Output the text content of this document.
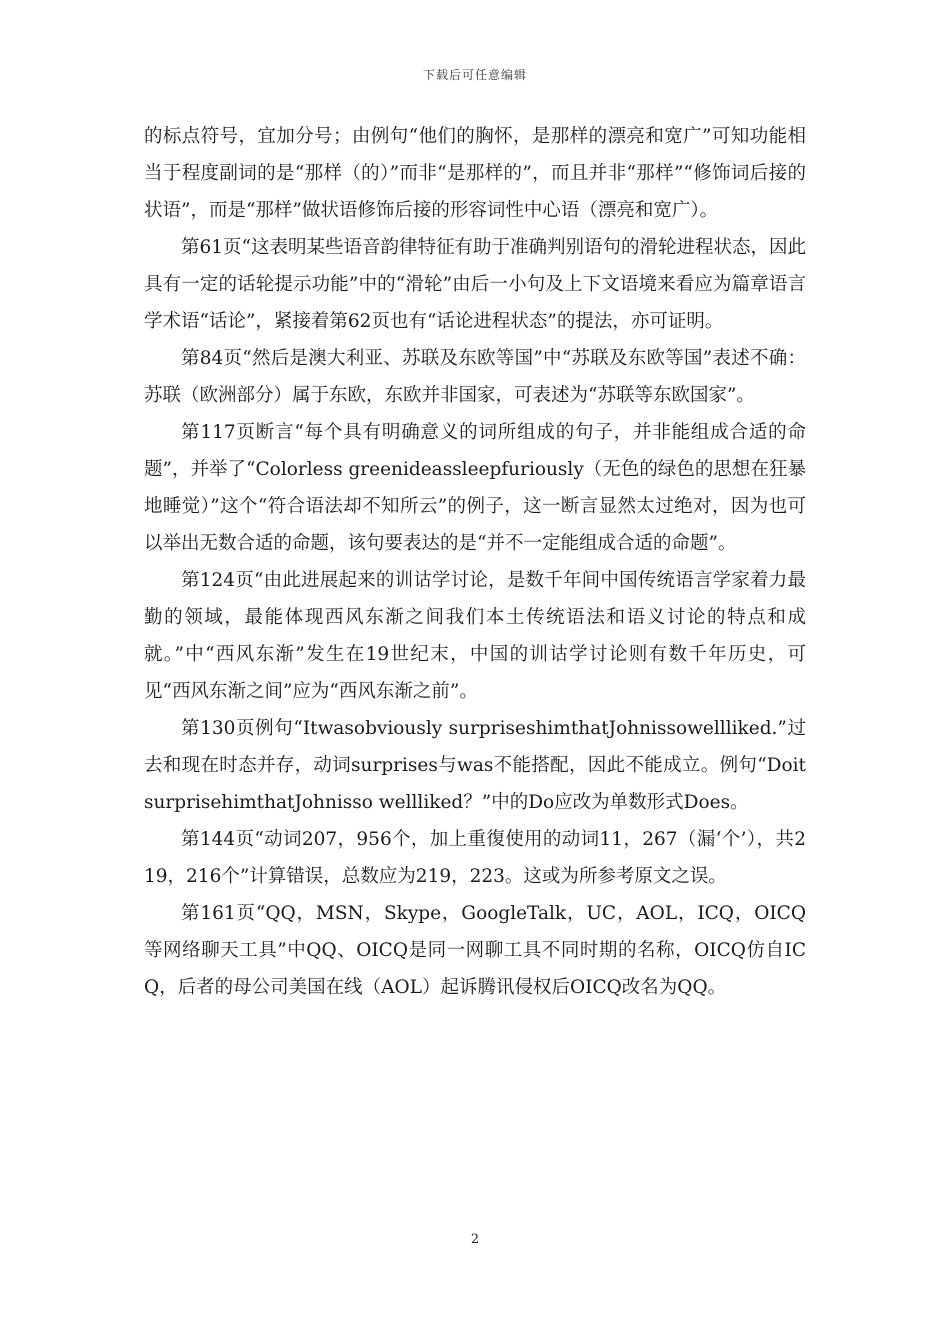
下载后可任意编辑

的标点符号，宜加分号；由例句“他们的胸怀，是那样的漂亮和宽广”可知功能相当于程度副词的是“那样（的）”而非“是那样的”，而且并非“那样”“修饰词后接的状语”，而是“那样”做状语修饰后接的形容词性中心语（漂亮和宽广）。

第61页“这表明某些语音韵律特征有助于准确判别语句的滑轮进程状态，因此具有一定的话轮提示功能”中的“滑轮”由后一小句及上下文语境来看应为篇章语言学术语“话论”，紧接着第62页也有“话论进程状态”的提法，亦可证明。

第84页“然后是澳大利亚、苏联及东欧等国”中“苏联及东欧等国”表述不确：苏联（欧洲部分）属于东欧，东欧并非国家，可表述为“苏联等东欧国家”。

第117页断言“每个具有明确意义的词所组成的句子，并非能组成合适的命题”，并举了“Colorless greenideassleepfuriously（无色的绿色的思想在狂暴地睡觉）”这个“符合语法却不知所云”的例子，这一断言显然太过绝对，因为也可以举出无数合适的命题，该句要表达的是“并不一定能组成合适的命题”。

第124页“由此进展起来的训诂学讨论，是数千年间中国传统语言学家着力最勤的领域，最能体现西风东渐之间我们本土传统语法和语义讨论的特点和成就。”中“西风东渐”发生在19世纪末，中国的训诂学讨论则有数千年历史，可见“西风东渐之间”应为“西风东渐之前”。

第130页例句“Itwasobviously surpriseshimthatJohnissowellliked.”过去和现在时态并存，动词surprises与was不能搭配，因此不能成立。例句“DoitsurprisehimthatJohnisso wellliked？”中的Do应改为单数形式Does。

第144页“动词207，956个，加上重復使用的动词11，267（漏‘个’），共219，216个”计算错误，总数应为219，223。这或为所参考原文之误。

第161页“QQ，MSN，Skype，GoogleTalk，UC，AOL，ICQ，OICQ等网络聊天工具”中QQ、OICQ是同一网聊工具不同时期的名称，OICQ仿自ICQ，后者的母公司美国在线（AOL）起诉腾讯侵权后OICQ改名为QQ。

2
